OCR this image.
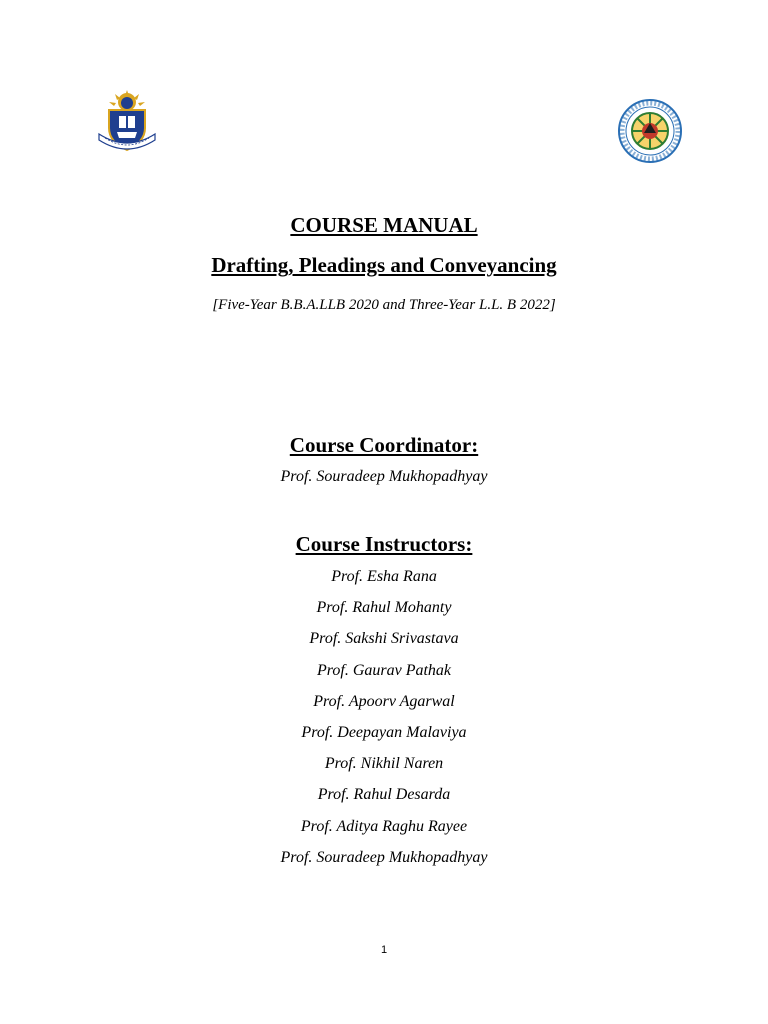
COURSE MANUAL
Drafting, Pleadings and Conveyancing
[Five-Year B.B.A.LLB 2020 and Three-Year L.L. B 2022]
Course Coordinator:
Prof. Souradeep Mukhopadhyay
Course Instructors:
Prof. Esha Rana
Prof. Rahul Mohanty
Prof. Sakshi Srivastava
Prof. Gaurav Pathak
Prof. Apoorv Agarwal
Prof. Deepayan Malaviya
Prof. Nikhil Naren
Prof. Rahul Desarda
Prof. Aditya Raghu Rayee
Prof. Souradeep Mukhopadhyay
1
